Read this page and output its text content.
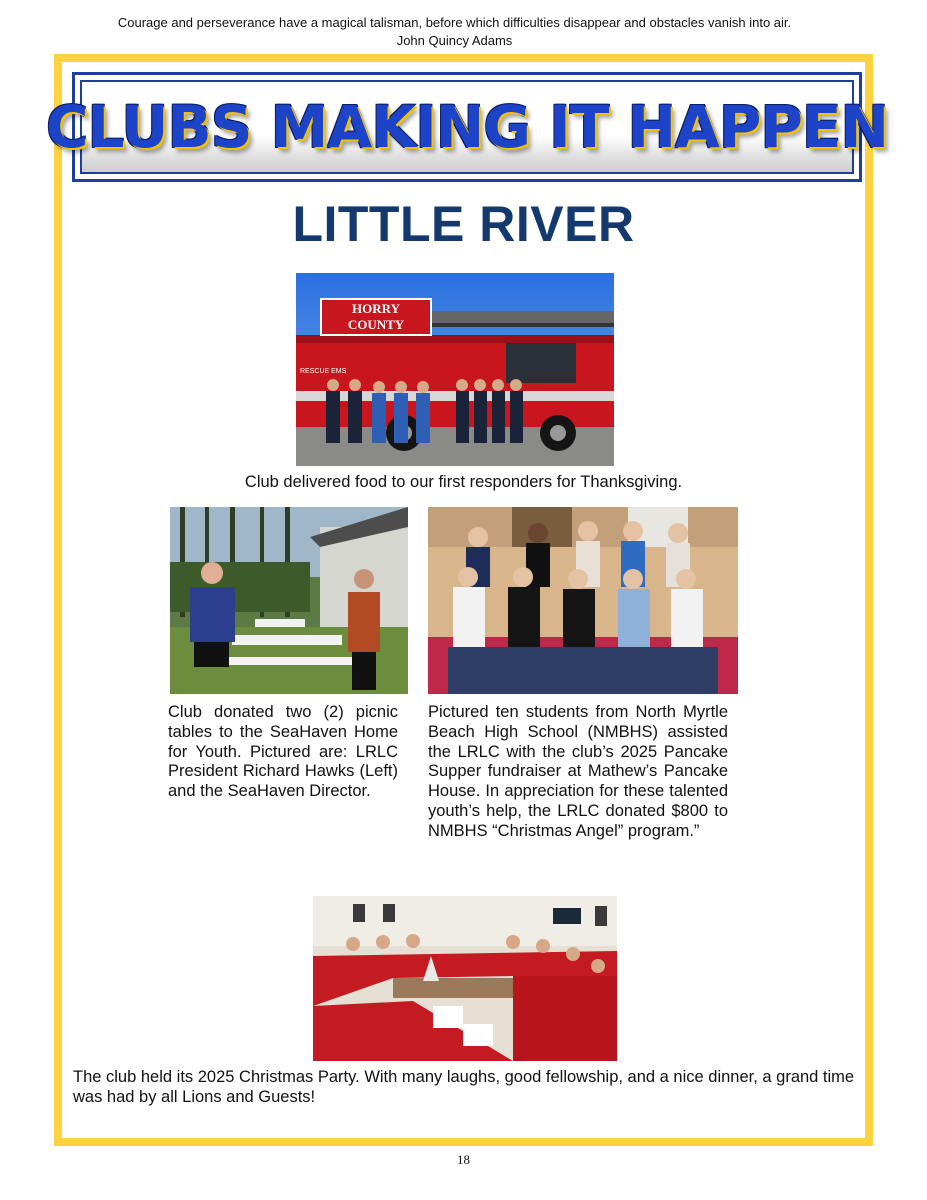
Courage and perseverance have a magical talisman, before which difficulties disappear and obstacles vanish into air.
John Quincy Adams
CLUBS MAKING IT HAPPEN
LITTLE RIVER
RESCUE EMS
HORRY
COUNTY
Club delivered food to our first responders for Thanksgiving.
Club donated two (2) picnic tables to the SeaHaven Home for Youth. Pictured are: LRLC President Richard Hawks (Left) and the SeaHaven Director.
Pictured ten students from North Myrtle Beach High School (NMBHS) assisted the LRLC with the club’s 2025 Pancake Supper fundraiser at Mathew’s Pancake House. In appreciation for these talented youth’s help, the LRLC donated $800 to NMBHS “Christmas Angel” program.”
The club held its 2025 Christmas Party. With many laughs, good fellowship, and a nice dinner, a grand time was had by all Lions and Guests!
18
